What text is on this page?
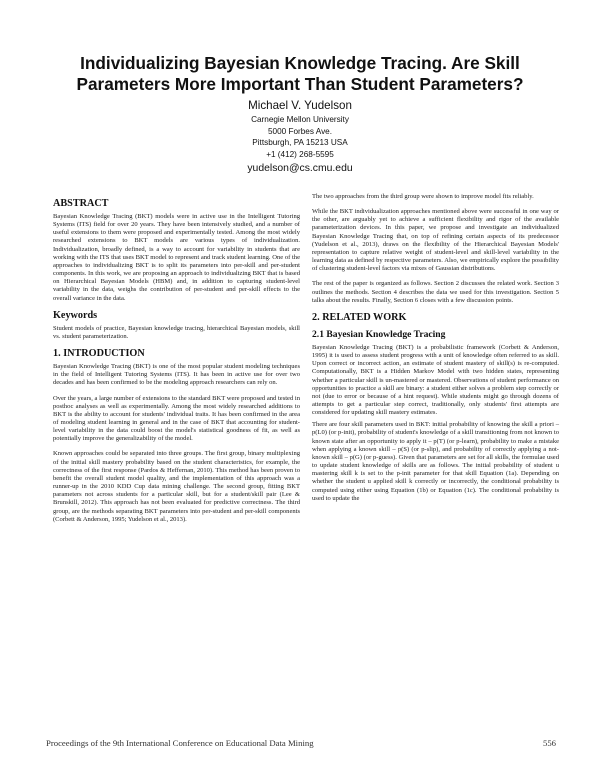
Individualizing Bayesian Knowledge Tracing. Are Skill Parameters More Important Than Student Parameters?
Michael V. Yudelson
Carnegie Mellon University
5000 Forbes Ave.
Pittsburgh, PA 15213 USA
+1 (412) 268-5595
yudelson@cs.cmu.edu
ABSTRACT

Bayesian Knowledge Tracing (BKT) models were in active use in the Intelligent Tutoring Systems (ITS) field for over 20 years. They have been intensively studied, and a number of useful extensions to them were proposed and experimentally tested. Among the most widely researched extensions to BKT models are various types of individualization. Individualization, broadly defined, is a way to account for variability in students that are working with the ITS that uses BKT model to represent and track student learning. One of the approaches to individualizing BKT is to split its parameters into per-skill and per-student components. In this work, we are proposing an approach to individualizing BKT that is based on Hierarchical Bayesian Models (HBM) and, in addition to capturing student-level variability in the data, weighs the contribution of per-student and per-skill effects to the overall variance in the data.

Keywords

Student models of practice, Bayesian knowledge tracing, hierarchical Bayesian models, skill vs. student parameterization.

1. INTRODUCTION

Bayesian Knowledge Tracing (BKT) is one of the most popular student modeling techniques in the field of Intelligent Tutoring Systems (ITS). It has been in active use for over two decades and has been confirmed to be the modeling approach researchers can rely on.

Over the years, a large number of extensions to the standard BKT were proposed and tested in posthoc analyses as well as experimentally. Among the most widely researched additions to BKT is the ability to account for students' individual traits. It has been confirmed in the area of modeling student learning in general and in the case of BKT that accounting for student-level variability in the data could boost the model's statistical goodness of fit, as well as potentially improve the generalizability of the model.

Known approaches could be separated into three groups. The first group, binary multiplexing of the initial skill mastery probability based on the student characteristics, for example, the correctness of the first response (Pardos & Heffernan, 2010). This method has been proven to benefit the overall student model quality, and the implementation of this approach was a runner-up in the 2010 KDD Cup data mining challenge. The second group, fitting BKT parameters not across students for a particular skill, but for a student/skill pair (Lee & Brunskill, 2012). This approach has not been evaluated for predictive correctness. The third group, are the methods separating BKT parameters into per-student and per-skill components (Corbett & Anderson, 1995; Yudelson et al., 2013).

The two approaches from the third group were shown to improve model fits reliably.

While the BKT individualization approaches mentioned above were successful in one way or the other, are arguably yet to achieve a sufficient flexibility and rigor of the available parameterization devices. In this paper, we propose and investigate an individualized Bayesian Knowledge Tracing that, on top of refining certain aspects of its predecessor (Yudelson et al., 2013), draws on the flexibility of the Hierarchical Bayesian Models' representation to capture relative weight of student-level and skill-level variability in the learning data as defined by respective parameters. Also, we empirically explore the possibility of clustering student-level factors via mixes of Gaussian distributions.

The rest of the paper is organized as follows. Section 2 discusses the related work. Section 3 outlines the methods. Section 4 describes the data we used for this investigation. Section 5 talks about the results. Finally, Section 6 closes with a few discussion points.

2. RELATED WORK
2.1 Bayesian Knowledge Tracing

Bayesian Knowledge Tracing (BKT) is a probabilistic framework (Corbett & Anderson, 1995) it is used to assess student progress with a unit of knowledge often referred to as skill. Upon correct or incorrect action, an estimate of student mastery of skill(s) is re-computed. Computationally, BKT is a Hidden Markov Model with two hidden states, representing whether a particular skill is un-mastered or mastered. Observations of student performance on opportunities to practice a skill are binary: a student either solves a problem step correctly or not (due to error or because of a hint request). While students might go through dozens of attempts to get a particular step correct, traditionally, only students' first attempts are considered for updating skill mastery estimates.

There are four skill parameters used in BKT: initial probability of knowing the skill a priori – p(L0) (or p-init), probability of student's knowledge of a skill transitioning from not known to known state after an opportunity to apply it – p(T) (or p-learn), probability to make a mistake when applying a known skill – p(S) (or p-slip), and probability of correctly applying a not-known skill – p(G) (or p-guess). Given that parameters are set for all skills, the formulae used to update student knowledge of skills are as follows. The initial probability of student u mastering skill k is set to the p-init parameter for that skill Equation (1a). Depending on whether the student u applied skill k correctly or incorrectly, the conditional probability is computed using either using Equation (1b) or Equation (1c). The conditional probability is used to update the

Proceedings of the 9th International Conference on Educational Data Mining	556
